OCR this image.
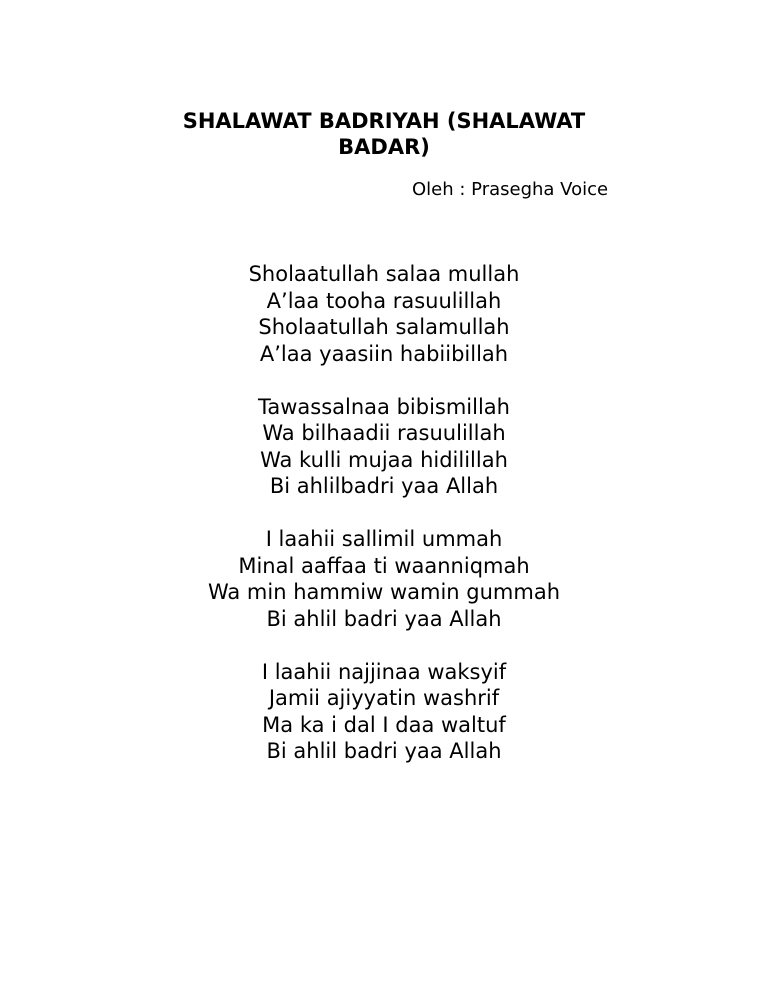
SHALAWAT BADRIYAH (SHALAWAT BADAR)
Oleh : Prasegha Voice
Sholaatullah salaa mullah
A’laa tooha rasuulillah
Sholaatullah salamullah
A’laa yaasiin habiibillah
Tawassalnaa bibismillah
Wa bilhaadii rasuulillah
Wa kulli mujaa hidilillah
Bi ahlilbadri yaa Allah
I laahii sallimil ummah
Minal aaffaa ti waanniqmah
Wa min hammiw wamin gummah
Bi ahlil badri yaa Allah
I laahii najjinaa waksyif
Jamii ajiyyatin washrif
Ma ka i dal I daa waltuf
Bi ahlil badri yaa Allah
